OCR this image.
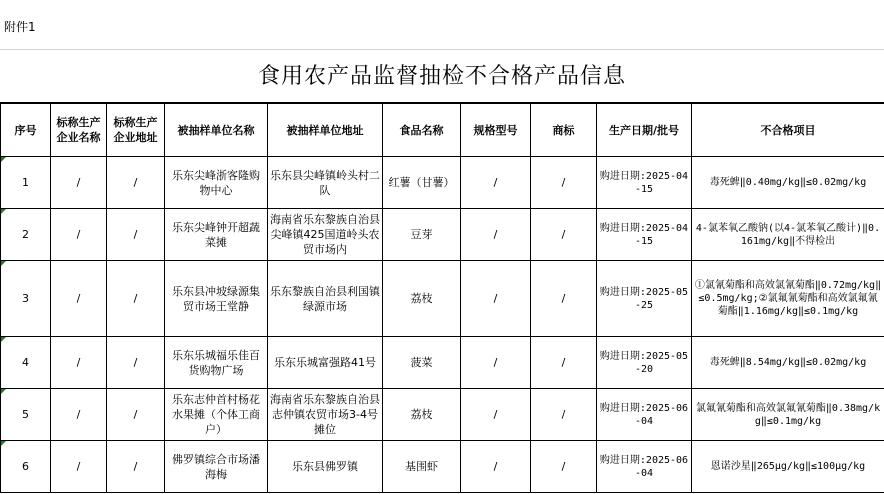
附件1
食用农产品监督抽检不合格产品信息
序号	标称生产企业名称	标称生产企业地址	被抽样单位名称	被抽样单位地址	食品名称	规格型号	商标	生产日期/批号	不合格项目
1	/	/	乐东尖峰浙客隆购物中心	乐东县尖峰镇岭头村二队	红薯（甘薯）	/	/	购进日期:2025-04-15	毒死蜱‖0.40mg/kg‖≤0.02mg/kg
2	/	/	乐东尖峰钟开超蔬菜摊	海南省乐东黎族自治县尖峰镇425国道岭头农贸市场内	豆芽	/	/	购进日期:2025-04-15	4-氯苯氧乙酸钠(以4-氯苯氧乙酸计)‖0.161mg/kg‖不得检出
3	/	/	乐东县冲坡绿源集贸市场王堂静	乐东黎族自治县利国镇绿源市场	荔枝	/	/	购进日期:2025-05-25	①氯氰菊酯和高效氯氰菊酯‖0.72mg/kg‖≤0.5mg/kg;②氯氟氰菊酯和高效氯氟氰菊酯‖1.16mg/kg‖≤0.1mg/kg
4	/	/	乐东乐城福乐佳百货购物广场	乐东乐城富强路41号	菠菜	/	/	购进日期:2025-05-20	毒死蜱‖8.54mg/kg‖≤0.02mg/kg
5	/	/	乐东志仲首村杨花水果摊（个体工商户）	海南省乐东黎族自治县志仲镇农贸市场3-4号摊位	荔枝	/	/	购进日期:2025-06-04	氯氟氰菊酯和高效氯氟氰菊酯‖0.38mg/kg‖≤0.1mg/kg
6	/	/	佛罗镇综合市场潘海梅	乐东县佛罗镇	基围虾	/	/	购进日期:2025-06-04	恩诺沙星‖265μg/kg‖≤100μg/kg
